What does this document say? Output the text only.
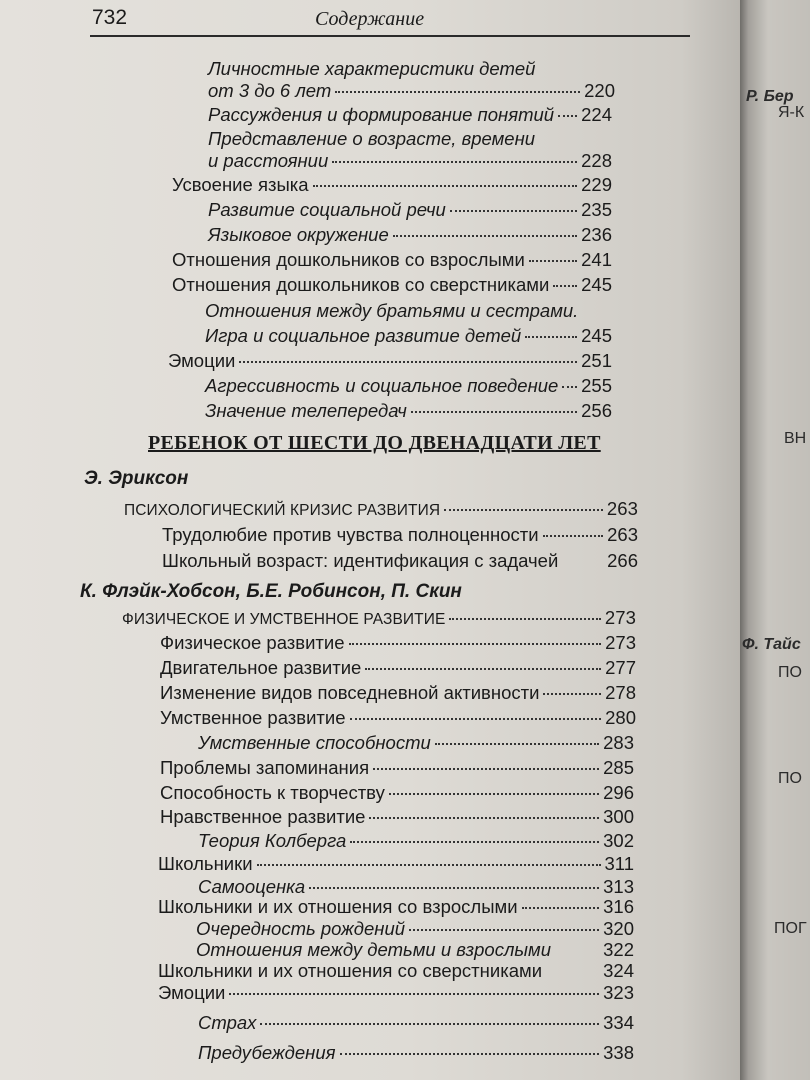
732	Содержание
Личностные характеристики детей
от 3 до 6 лет	220
Рассуждения и формирование понятий 224
Представление о возрасте, времени
и расстоянии	228
Усвоение языка	229
Развитие социальной речи	235
Языковое окружение	236
Отношения дошкольников со взрослыми	241
Отношения дошкольников со сверстниками 245
Отношения между братьями и сестрами.
Игра и социальное развитие детей	245
Эмоции	251
Агрессивность и социальное поведение 255
Значение телепередач	256
РЕБЕНОК ОТ ШЕСТИ ДО ДВЕНАДЦАТИ ЛЕТ
Э. Эриксон
ПСИХОЛОГИЧЕСКИЙ КРИЗИС РАЗВИТИЯ	263
Трудолюбие против чувства полноценности	263
Школьный возраст: идентификация с задачей	266
К. Флэйк-Хобсон, Б.Е. Робинсон, П. Скин
ФИЗИЧЕСКОЕ И УМСТВЕННОЕ РАЗВИТИЕ	273
Физическое развитие	273
Двигательное развитие	277
Изменение видов повседневной активности	278
Умственное развитие	280
Умственные способности	283
Проблемы запоминания	285
Способность к творчеству	296
Нравственное развитие	300
Теория Колберга	302
Школьники	311
Самооценка	313
Школьники и их отношения со взрослыми	316
Очередность рождений	320
Отношения между детьми и взрослыми	322
Школьники и их отношения со сверстниками	324
Эмоции	323
Страх	334
Предубеждения	338
Р. Бер
Я-К
ВН
Ф. Тайс
ПО
ПО
ПОГ
